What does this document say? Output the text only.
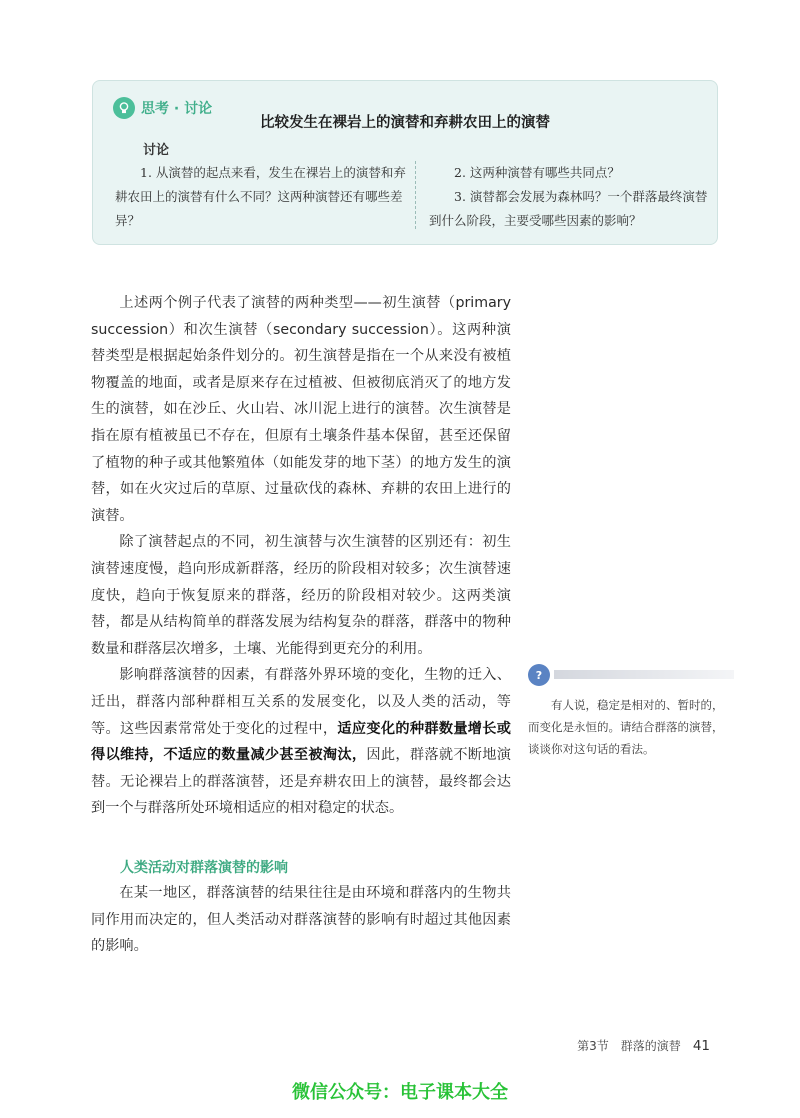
思考 · 讨论
比较发生在裸岩上的演替和弃耕农田上的演替
讨论
1. 从演替的起点来看，发生在裸岩上的演替和弃耕农田上的演替有什么不同？这两种演替还有哪些差异？

2. 这两种演替有哪些共同点？

3. 演替都会发展为森林吗？一个群落最终演替到什么阶段，主要受哪些因素的影响？

上述两个例子代表了演替的两种类型——初生演替（primary succession）和次生演替（secondary succession）。这两种演替类型是根据起始条件划分的。初生演替是指在一个从来没有被植物覆盖的地面，或者是原来存在过植被、但被彻底消灭了的地方发生的演替，如在沙丘、火山岩、冰川泥上进行的演替。次生演替是指在原有植被虽已不存在，但原有土壤条件基本保留，甚至还保留了植物的种子或其他繁殖体（如能发芽的地下茎）的地方发生的演替，如在火灾过后的草原、过量砍伐的森林、弃耕的农田上进行的演替。

除了演替起点的不同，初生演替与次生演替的区别还有：初生演替速度慢，趋向形成新群落，经历的阶段相对较多；次生演替速度快，趋向于恢复原来的群落，经历的阶段相对较少。这两类演替，都是从结构简单的群落发展为结构复杂的群落，群落中的物种数量和群落层次增多，土壤、光能得到更充分的利用。

影响群落演替的因素，有群落外界环境的变化，生物的迁入、迁出，群落内部种群相互关系的发展变化，以及人类的活动，等等。这些因素常常处于变化的过程中，适应变化的种群数量增长或得以维持，不适应的数量减少甚至被淘汰，因此，群落就不断地演替。无论裸岩上的群落演替，还是弃耕农田上的演替，最终都会达到一个与群落所处环境相适应的相对稳定的状态。

人类活动对群落演替的影响

在某一地区，群落演替的结果往往是由环境和群落内的生物共同作用而决定的，但人类活动对群落演替的影响有时超过其他因素的影响。

?
有人说，稳定是相对的、暂时的，而变化是永恒的。请结合群落的演替，谈谈你对这句话的看法。
第3节　群落的演替 41
微信公众号：电子课本大全
